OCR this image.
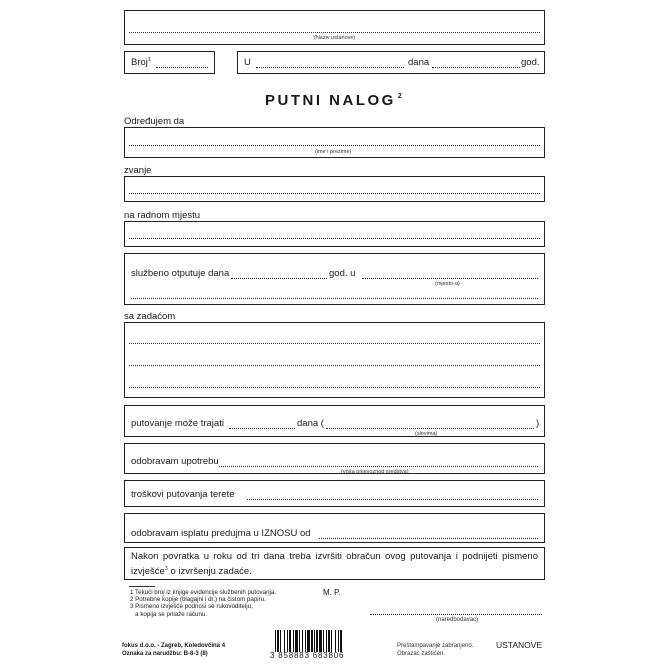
(Naziv ustanove)
Broj$^1$	U	dana	god.
PUTNI NALOG $^2$
Određujem da
(ime i prezime)
zvanje
na radnom mjestu
službeno otputuje dana	god. u
(mjesto-a)
sa zadaćom
putovanje može trajati	dana (	)
(slovima)
odobravam upotrebu
(vrsta prijevoznog sredstva)
troškovi putovanja terete
odobravam isplatu predujma u IZNOSU od
Nakon povratka u roku od tri dana treba izvršiti obračun ovog putovanja i podnijeti pismeno
izvješće$^3$ o izvršenju zadaće.
1 Tekući broj iz knjige evidencije službenih putovanja.
2 Potrebne kopije (blagajni i dr.) na čistom papiru.
3 Pismeno izvješće podnosi se rukovoditelju,
a kopija se prilaže računu.
M. P.
(naredbodavac)
fokus d.o.o. - Zagreb, Koledovčina 4
Oznaka za narudžbu: B-8-3 (8)	3 858883 683806
Preštampavanje zabranjeno.
Obrazac zaštićen.
USTANOVE
